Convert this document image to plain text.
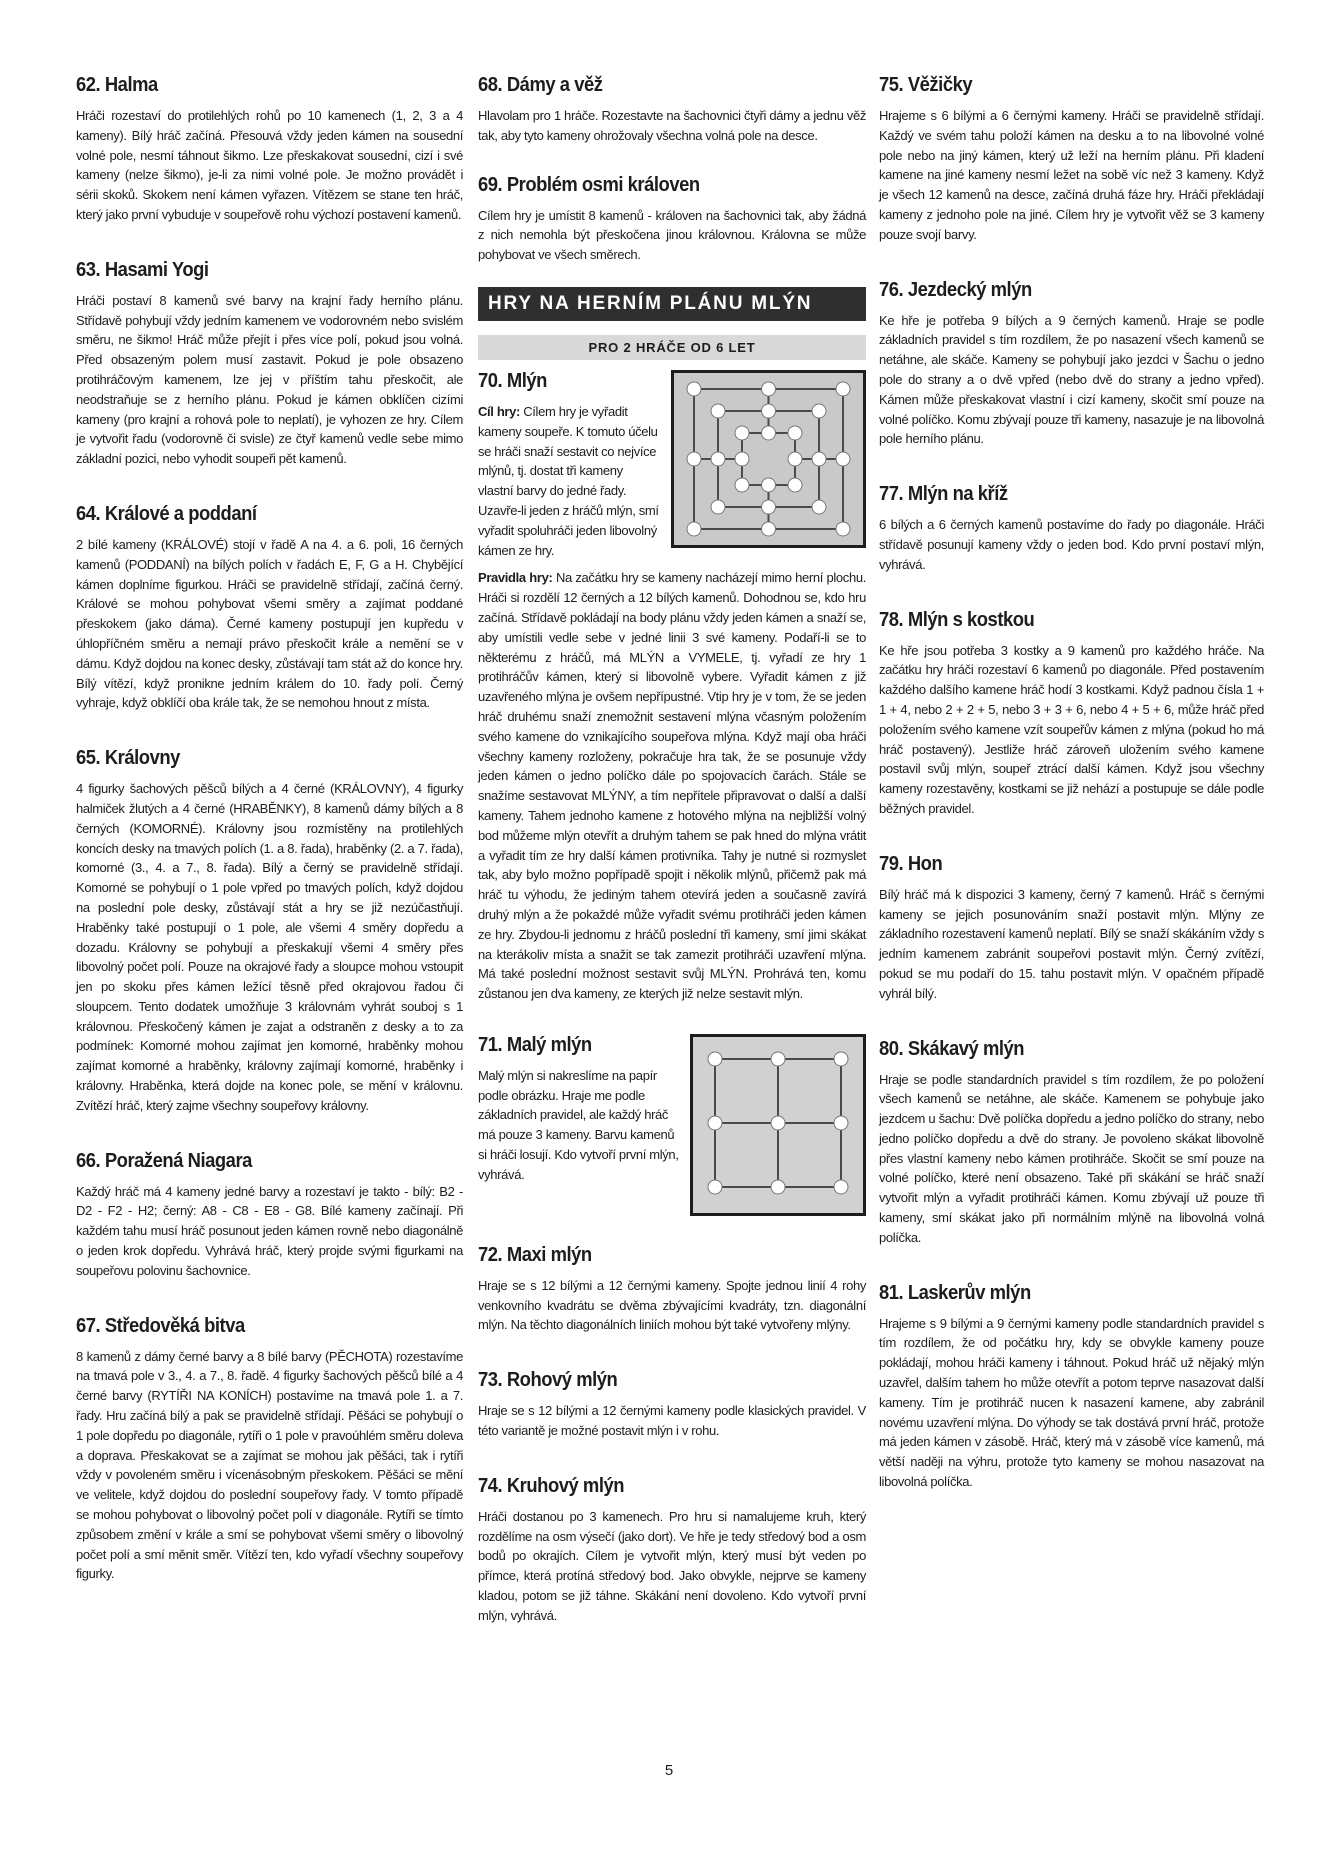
62. Halma

Hráči rozestaví do protilehlých rohů po 10 kamenech (1, 2, 3 a 4 kameny). Bílý hráč začíná. Přesouvá vždy jeden kámen na sousední volné pole, nesmí táhnout šikmo. Lze přeskakovat sousední, cizí i své kameny (nelze šikmo), je-li za nimi volné pole. Je možno provádět i sérii skoků. Skokem není kámen vyřazen. Vítězem se stane ten hráč, který jako první vybuduje v soupeřově rohu výchozí postavení kamenů.

63. Hasami Yogi

Hráči postaví 8 kamenů své barvy na krajní řady herního plánu. Střídavě pohybují vždy jedním kamenem ve vodorovném nebo svislém směru, ne šikmo! Hráč může přejít i přes více polí, pokud jsou volná. Před obsazeným polem musí zastavit. Pokud je pole obsazeno protihráčovým kamenem, lze jej v příštím tahu přeskočit, ale neodstraňuje se z herního plánu. Pokud je kámen obklíčen cizími kameny (pro krajní a rohová pole to neplatí), je vyhozen ze hry. Cílem je vytvořit řadu (vodorovně či svisle) ze čtyř kamenů vedle sebe mimo základní pozici, nebo vyhodit soupeři pět kamenů.

64. Králové a poddaní

2 bílé kameny (KRÁLOVÉ) stojí v řadě A na 4. a 6. poli, 16 černých kamenů (PODDANÍ) na bílých polích v řadách E, F, G a H. Chybějící kámen doplníme figurkou. Hráči se pravidelně střídají, začíná černý. Králové se mohou pohybovat všemi směry a zajímat poddané přeskokem (jako dáma). Černé kameny postupují jen kupředu v úhlopříčném směru a nemají právo přeskočit krále a nemění se v dámu. Když dojdou na konec desky, zůstávají tam stát až do konce hry. Bílý vítězí, když pronikne jedním králem do 10. řady polí. Černý vyhraje, když obklíčí oba krále tak, že se nemohou hnout z místa.

65. Královny

4 figurky šachových pěšců bílých a 4 černé (KRÁLOVNY), 4 figurky halmiček žlutých a 4 černé (HRABĚNKY), 8 kamenů dámy bílých a 8 černých (KOMORNÉ). Královny jsou rozmístěny na protilehlých koncích desky na tmavých polích (1. a 8. řada), hraběnky (2. a 7. řada), komorné (3., 4. a 7., 8. řada). Bílý a černý se pravidelně střídají. Komorné se pohybují o 1 pole vpřed po tmavých polích, když dojdou na poslední pole desky, zůstávají stát a hry se již nezúčastňují. Hraběnky také postupují o 1 pole, ale všemi 4 směry dopředu a dozadu. Královny se pohybují a přeskakují všemi 4 směry přes libovolný počet polí. Pouze na okrajové řady a sloupce mohou vstoupit jen po skoku přes kámen ležící těsně před okrajovou řadou či sloupcem. Tento dodatek umožňuje 3 královnám vyhrát souboj s 1 královnou. Přeskočený kámen je zajat a odstraněn z desky a to za podmínek: Komorné mohou zajímat jen komorné, hraběnky mohou zajímat komorné a hraběnky, královny zajímají komorné, hraběnky i královny. Hraběnka, která dojde na konec pole, se mění v královnu. Zvítězí hráč, který zajme všechny soupeřovy královny.

66. Poražená Niagara

Každý hráč má 4 kameny jedné barvy a rozestaví je takto - bílý: B2 - D2 - F2 - H2; černý: A8 - C8 - E8 - G8. Bílé kameny začínají. Při každém tahu musí hráč posunout jeden kámen rovně nebo diagonálně o jeden krok dopředu. Vyhrává hráč, který projde svými figurkami na soupeřovu polovinu šachovnice.

67. Středověká bitva

8 kamenů z dámy černé barvy a 8 bílé barvy (PĚCHOTA) rozestavíme na tmavá pole v 3., 4. a 7., 8. řadě. 4 figurky šachových pěšců bílé a 4 černé barvy (RYTÍŘI NA KONÍCH) postavíme na tmavá pole 1. a 7. řady. Hru začíná bílý a pak se pravidelně střídají. Pěšáci se pohybují o 1 pole dopředu po diagonále, rytíři o 1 pole v pravoúhlém směru doleva a doprava. Přeskakovat se a zajímat se mohou jak pěšáci, tak i rytíři vždy v povoleném směru i vícenásobným přeskokem. Pěšáci se mění ve velitele, když dojdou do poslední soupeřovy řady. V tomto případě se mohou pohybovat o libovolný počet polí v diagonále. Rytíři se tímto způsobem změní v krále a smí se pohybovat všemi směry o libovolný počet polí a smí měnit směr. Vítězí ten, kdo vyřadí všechny soupeřovy figurky.

68. Dámy a věž

Hlavolam pro 1 hráče. Rozestavte na šachovnici čtyři dámy a jednu věž tak, aby tyto kameny ohrožovaly všechna volná pole na desce.

69. Problém osmi královen

Cílem hry je umístit 8 kamenů - královen na šachovnici tak, aby žádná z nich nemohla být přeskočena jinou královnou. Královna se může pohybovat ve všech směrech.

HRY NA HERNÍM PLÁNU MLÝN
PRO 2 HRÁČE OD 6 LET
70. Mlýn

Cíl hry: Cílem hry je vyřadit kameny soupeře. K tomuto účelu se hráči snaží sestavit co nejvíce mlýnů, tj. dostat tři kameny vlastní barvy do jedné řady. Uzavře-li jeden z hráčů mlýn, smí vyřadit spoluhráči jeden libovolný kámen ze hry.

Pravidla hry: Na začátku hry se kameny nacházejí mimo herní plochu. Hráči si rozdělí 12 černých a 12 bílých kamenů. Dohodnou se, kdo hru začíná. Střídavě pokládají na body plánu vždy jeden kámen a snaží se, aby umístili vedle sebe v jedné linii 3 své kameny. Podaří-li se to některému z hráčů, má MLÝN a VYMELE, tj. vyřadí ze hry 1 protihráčův kámen, který si libovolně vybere. Vyřadit kámen z již uzavřeného mlýna je ovšem nepřípustné. Vtip hry je v tom, že se jeden hráč druhému snaží znemožnit sestavení mlýna včasným položením svého kamene do vznikajícího soupeřova mlýna. Když mají oba hráči všechny kameny rozloženy, pokračuje hra tak, že se posunuje vždy jeden kámen o jedno políčko dále po spojovacích čarách. Stále se snažíme sestavovat MLÝNY, a tím nepřítele připravovat o další a další kameny. Tahem jednoho kamene z hotového mlýna na nejbližší volný bod můžeme mlýn otevřít a druhým tahem se pak hned do mlýna vrátit a vyřadit tím ze hry další kámen protivníka. Tahy je nutné si rozmyslet tak, aby bylo možno popřípadě spojit i několik mlýnů, přičemž pak má hráč tu výhodu, že jediným tahem otevírá jeden a současně zavírá druhý mlýn a že pokaždé může vyřadit svému protihráči jeden kámen ze hry. Zbydou-li jednomu z hráčů poslední tři kameny, smí jimi skákat na kterákoliv místa a snažit se tak zamezit protihráči uzavření mlýna. Má také poslední možnost sestavit svůj MLÝN. Prohrává ten, komu zůstanou jen dva kameny, ze kterých již nelze sestavit mlýn.

71. Malý mlýn

Malý mlýn si nakreslíme na papír podle obrázku. Hraje me podle základních pravidel, ale každý hráč má pouze 3 kameny. Barvu kamenů si hráči losují. Kdo vytvoří první mlýn, vyhrává.

72. Maxi mlýn

Hraje se s 12 bílými a 12 černými kameny. Spojte jednou linií 4 rohy venkovního kvadrátu se dvěma zbývajícími kvadráty, tzn. diagonální mlýn. Na těchto diagonálních liniích mohou být také vytvořeny mlýny.

73. Rohový mlýn

Hraje se s 12 bílými a 12 černými kameny podle klasických pravidel. V této variantě je možné postavit mlýn i v rohu.

74. Kruhový mlýn

Hráči dostanou po 3 kamenech. Pro hru si namalujeme kruh, který rozdělíme na osm výsečí (jako dort). Ve hře je tedy středový bod a osm bodů po okrajích. Cílem je vytvořit mlýn, který musí být veden po přímce, která protíná středový bod. Jako obvykle, nejprve se kameny kladou, potom se již táhne. Skákání není dovoleno. Kdo vytvoří první mlýn, vyhrává.

75. Věžičky

Hrajeme s 6 bílými a 6 černými kameny. Hráči se pravidelně střídají. Každý ve svém tahu položí kámen na desku a to na libovolné volné pole nebo na jiný kámen, který už leží na herním plánu. Při kladení kamene na jiné kameny nesmí ležet na sobě víc než 3 kameny. Když je všech 12 kamenů na desce, začíná druhá fáze hry. Hráči překládají kameny z jednoho pole na jiné. Cílem hry je vytvořit věž se 3 kameny pouze svojí barvy.

76. Jezdecký mlýn

Ke hře je potřeba 9 bílých a 9 černých kamenů. Hraje se podle základních pravidel s tím rozdílem, že po nasazení všech kamenů se netáhne, ale skáče. Kameny se pohybují jako jezdci v Šachu o jedno pole do strany a o dvě vpřed (nebo dvě do strany a jedno vpřed). Kámen může přeskakovat vlastní i cizí kameny, skočit smí pouze na volné políčko. Komu zbývají pouze tři kameny, nasazuje je na libovolná pole herního plánu.

77. Mlýn na kříž

6 bílých a 6 černých kamenů postavíme do řady po diagonále. Hráči střídavě posunují kameny vždy o jeden bod. Kdo první postaví mlýn, vyhrává.

78. Mlýn s kostkou

Ke hře jsou potřeba 3 kostky a 9 kamenů pro každého hráče. Na začátku hry hráči rozestaví 6 kamenů po diagonále. Před postavením každého dalšího kamene hráč hodí 3 kostkami. Když padnou čísla 1 + 1 + 4, nebo 2 + 2 + 5, nebo 3 + 3 + 6, nebo 4 + 5 + 6, může hráč před položením svého kamene vzít soupeřův kámen z mlýna (pokud ho má hráč postavený). Jestliže hráč zároveň uložením svého kamene postavil svůj mlýn, soupeř ztrácí další kámen. Když jsou všechny kameny rozestavěny, kostkami se již nehází a postupuje se dále podle běžných pravidel.

79. Hon

Bílý hráč má k dispozici 3 kameny, černý 7 kamenů. Hráč s černými kameny se jejich posunováním snaží postavit mlýn. Mlýny ze základního rozestavení kamenů neplatí. Bílý se snaží skákáním vždy s jedním kamenem zabránit soupeřovi postavit mlýn. Černý zvítězí, pokud se mu podaří do 15. tahu postavit mlýn. V opačném případě vyhrál bílý.

80. Skákavý mlýn

Hraje se podle standardních pravidel s tím rozdílem, že po položení všech kamenů se netáhne, ale skáče. Kamenem se pohybuje jako jezdcem u šachu: Dvě políčka dopředu a jedno políčko do strany, nebo jedno políčko dopředu a dvě do strany. Je povoleno skákat libovolně přes vlastní kameny nebo kámen protihráče. Skočit se smí pouze na volné políčko, které není obsazeno. Také při skákání se hráč snaží vytvořit mlýn a vyřadit protihráči kámen. Komu zbývají už pouze tři kameny, smí skákat jako při normálním mlýně na libovolná volná políčka.

81. Laskerův mlýn

Hrajeme s 9 bílými a 9 černými kameny podle standardních pravidel s tím rozdílem, že od počátku hry, kdy se obvykle kameny pouze pokládají, mohou hráči kameny i táhnout. Pokud hráč už nějaký mlýn uzavřel, dalším tahem ho může otevřít a potom teprve nasazovat další kameny. Tím je protihráč nucen k nasazení kamene, aby zabránil novému uzavření mlýna. Do výhody se tak dostává první hráč, protože má jeden kámen v zásobě. Hráč, který má v zásobě více kamenů, má větší naději na výhru, protože tyto kameny se mohou nasazovat na libovolná políčka.

5
